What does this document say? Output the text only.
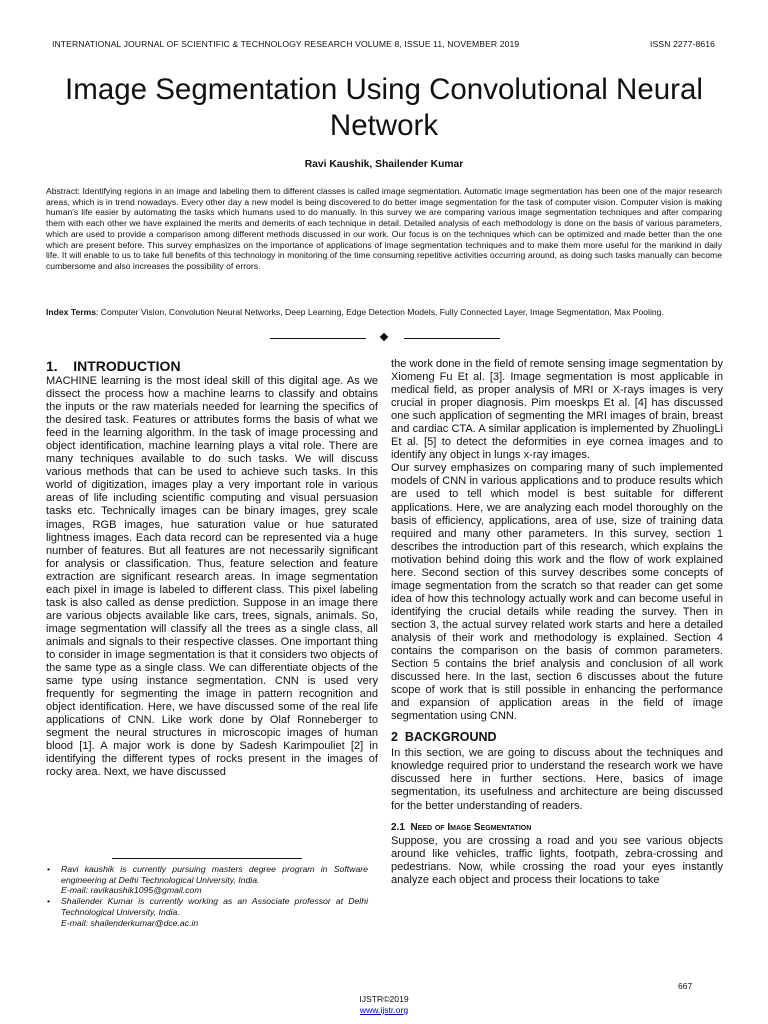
INTERNATIONAL JOURNAL OF SCIENTIFIC & TECHNOLOGY RESEARCH VOLUME 8, ISSUE 11, NOVEMBER 2019	ISSN 2277-8616
Image Segmentation Using Convolutional Neural Network
Ravi Kaushik, Shailender Kumar
Abstract: Identifying regions in an image and labeling them to different classes is called image segmentation. Automatic image segmentation has been one of the major research areas, which is in trend nowadays. Every other day a new model is being discovered to do better image segmentation for the task of computer vision. Computer vision is making human's life easier by automating the tasks which humans used to do manually. In this survey we are comparing various image segmentation techniques and after comparing them with each other we have explained the merits and demerits of each technique in detail. Detailed analysis of each methodology is done on the basis of various parameters, which are used to provide a comparison among different methods discussed in our work. Our focus is on the techniques which can be optimized and made better than the one which are present before. This survey emphasizes on the importance of applications of image segmentation techniques and to make them more useful for the mankind in daily life. It will enable to us to take full benefits of this technology in monitoring of the time consuming repetitive activities occurring around, as doing such tasks manually can become cumbersome and also increases the possibility of errors.
Index Terms: Computer Vision, Convolution Neural Networks, Deep Learning, Edge Detection Models, Fully Connected Layer, Image Segmentation, Max Pooling.
1.    INTRODUCTION

MACHINE learning is the most ideal skill of this digital age. As we dissect the process how a machine learns to classify and obtains the inputs or the raw materials needed for learning the specifics of the desired task. Features or attributes forms the basis of what we feed in the learning algorithm. In the task of image processing and object identification, machine learning plays a vital role. There are many techniques available to do such tasks. We will discuss various methods that can be used to achieve such tasks. In this world of digitization, images play a very important role in various areas of life including scientific computing and visual persuasion tasks etc. Technically images can be binary images, grey scale images, RGB images, hue saturation value or hue saturated lightness images. Each data record can be represented via a huge number of features. But all features are not necessarily significant for analysis or classification. Thus, feature selection and feature extraction are significant research areas. In image segmentation each pixel in image is labeled to different class. This pixel labeling task is also called as dense prediction. Suppose in an image there are various objects available like cars, trees, signals, animals. So, image segmentation will classify all the trees as a single class, all animals and signals to their respective classes. One important thing to consider in image segmentation is that it considers two objects of the same type as a single class. We can differentiate objects of the same type using instance segmentation. CNN is used very frequently for segmenting the image in pattern recognition and object identification. Here, we have discussed some of the real life applications of CNN. Like work done by Olaf Ronneberger to segment the neural structures in microscopic images of human blood [1]. A major work is done by Sadesh Karimpouliet [2] in identifying the different types of rocks present in the images of rocky area. Next, we have discussed

the work done in the field of remote sensing image segmentation by Xiomeng Fu Et al. [3]. Image segmentation is most applicable in medical field, as proper analysis of MRI or X-rays images is very crucial in proper diagnosis. Pim moeskps Et al. [4] has discussed one such application of segmenting the MRI images of brain, breast and cardiac CTA. A similar application is implemented by ZhuolingLi Et al. [5] to detect the deformities in eye cornea images and to identify any object in lungs x-ray images.

Our survey emphasizes on comparing many of such implemented models of CNN in various applications and to produce results which are used to tell which model is best suitable for different applications. Here, we are analyzing each model thoroughly on the basis of efficiency, applications, area of use, size of training data required and many other parameters. In this survey, section 1 describes the introduction part of this research, which explains the motivation behind doing this work and the flow of work explained here. Second section of this survey describes some concepts of image segmentation from the scratch so that reader can get some idea of how this technology actually work and can become useful in identifying the crucial details while reading the survey. Then in section 3, the actual survey related work starts and here a detailed analysis of their work and methodology is explained. Section 4 contains the comparison on the basis of common parameters. Section 5 contains the brief analysis and conclusion of all work discussed here. In the last, section 6 discusses about the future scope of work that is still possible in enhancing the performance and expansion of application areas in the field of image segmentation using CNN.

2  BACKGROUND

In this section, we are going to discuss about the techniques and knowledge required prior to understand the research work we have discussed here in further sections. Here, basics of image segmentation, its usefulness and architecture are being discussed for the better understanding of readers.

2.1 Need of Image Segmentation

Suppose, you are crossing a road and you see various objects around like vehicles, traffic lights, footpath, zebra-crossing and pedestrians. Now, while crossing the road your eyes instantly analyze each object and process their locations to take

• Ravi kaushik is currently pursuing masters degree program in Software engineering at Delhi Technological University, India.
E-mail: ravikaushik1095@gmail.com
• Shailender Kumar is currently working as an Associate professor at Delhi Technological University, India.
E-mail: shailenderkumar@dce.ac.in
667
IJSTR©2019
www.ijstr.org
